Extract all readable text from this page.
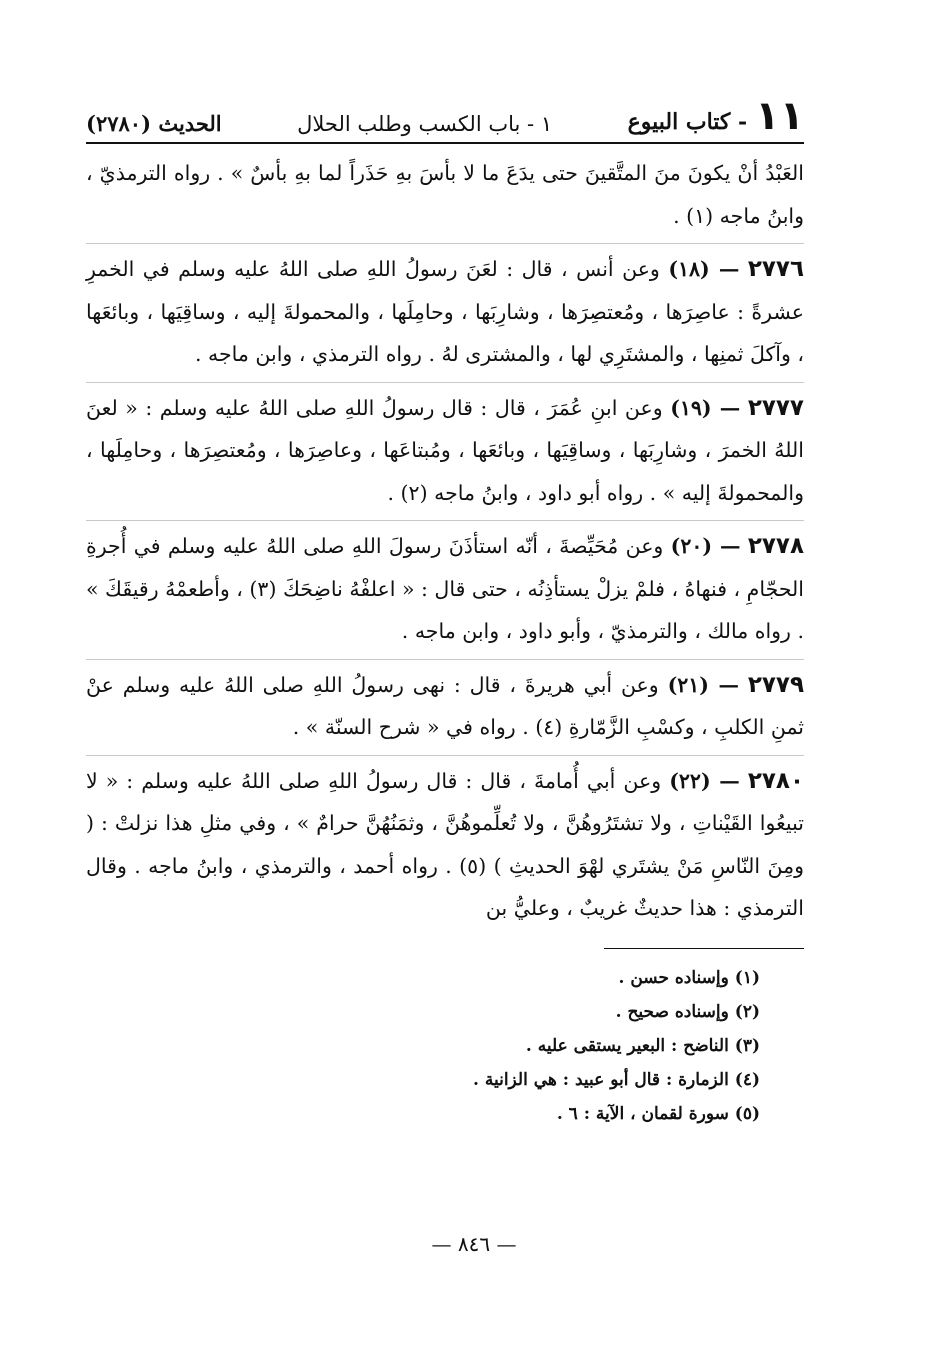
١١
- كتاب البيوع
١ - باب الكسب وطلب الحلال
الحديث (٢٧٨٠)

العَبْدُ أنْ يكونَ منَ المتَّقينَ حتى يدَعَ ما لا بأسَ بهِ حَذَراً لما بهِ بأسٌ » . رواه الترمذيّ ، وابنُ ماجه (١) .

٢٧٧٦ — (١٨) وعن أنس ، قال : لعَنَ رسولُ اللهِ صلى اللهُ عليه وسلم في الخمرِ عشرةً : عاصِرَها ، ومُعتصِرَها ، وشارِبَها ، وحامِلَها ، والمحمولةَ إليه ، وساقِيَها ، وبائعَها ، وآكلَ ثمنِها ، والمشتَرِي لها ، والمشترى لهُ . رواه الترمذي ، وابن ماجه .

٢٧٧٧ — (١٩) وعن ابنِ عُمَرَ ، قال : قال رسولُ اللهِ صلى اللهُ عليه وسلم : « لعنَ اللهُ الخمرَ ، وشارِبَها ، وساقِيَها ، وبائعَها ، ومُبتاعَها ، وعاصِرَها ، ومُعتصِرَها ، وحامِلَها ، والمحمولةَ إليه » . رواه أبو داود ، وابنُ ماجه (٢) .

٢٧٧٨ — (٢٠) وعن مُحَيِّصةَ ، أنّه استأذَنَ رسولَ اللهِ صلى اللهُ عليه وسلم في أُجرةِ الحجّامِ ، فنهاهُ ، فلمْ يزلْ يستأذِنُه ، حتى قال : « اعلفْهُ ناضِحَكَ (٣) ، وأطعمْهُ رقيقَكَ » . رواه مالك ، والترمذيّ ، وأبو داود ، وابن ماجه .

٢٧٧٩ — (٢١) وعن أبي هريرةَ ، قال : نهى رسولُ اللهِ صلى اللهُ عليه وسلم عنْ ثمنِ الكلبِ ، وكسْبِ الزَّمّارةِ (٤) . رواه في « شرح السنّة » .

٢٧٨٠ — (٢٢) وعن أبي أُمامةَ ، قال : قال رسولُ اللهِ صلى اللهُ عليه وسلم : « لا تبيعُوا القَيْناتِ ، ولا تشتَرُوهُنَّ ، ولا تُعلِّموهُنَّ ، وثمَنُهُنَّ حرامٌ » ، وفي مثلِ هذا نزلتْ : ( ومِنَ النّاسِ مَنْ يشتَري لهْوَ الحديثِ ) (٥) . رواه أحمد ، والترمذي ، وابنُ ماجه . وقال الترمذي : هذا حديثٌ غريبٌ ، وعليُّ بن

(١) وإسناده حسن .
(٢) وإسناده صحيح .
(٣) الناضح : البعير يستقى عليه .
(٤) الزمارة : قال أبو عبيد : هي الزانية .
(٥) سورة لقمان ، الآية : ٦ .
— ٨٤٦ —
